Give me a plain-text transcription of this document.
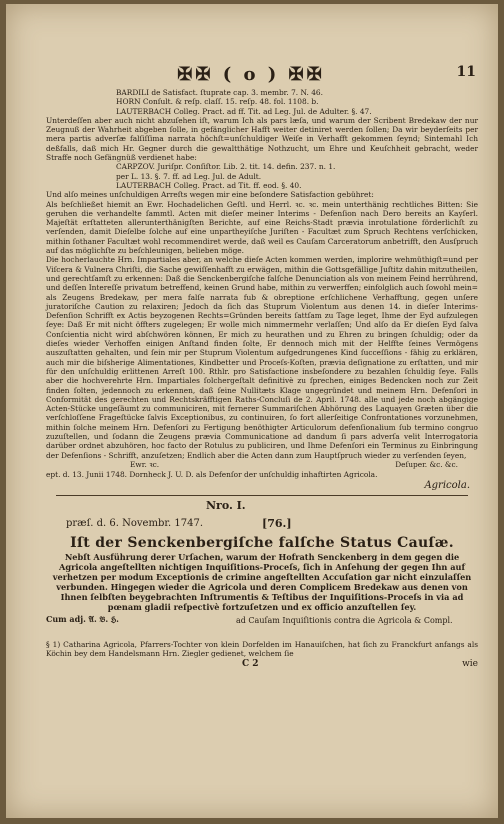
✠✠ ( o ) ✠✠	11

BARDILI de Satisfact. ſtuprate cap. 3. membr. 7. N. 46.

HORN Conſult. & reſp. claſſ. 15. reſp. 48. fol. 1108. b.

LAUTERBACH Colleg. Pract. ad ff. Tit. ad Leg. Jul. de Adulter. §. 47.

Unterdeſſen aber auch nicht abzuſehen iſt, warum Ich als pars læſa, und warum der Scribent Bredekaw der nur Zeugnuß der Wahrheit abgeben ſolle, in gefänglicher Hafft weiter detiniret werden ſollen; Da wir beyderſeits per mera partis adverſæ falſiſſima narrata höchſt=unſchuldiger Weiſe in Verhafft gekommen ſeynd; Sintemahl Ich deßfalls, daß mich Hr. Gegner durch die gewaltthätige Nothzucht, um Ehre und Keuſchheit gebracht, weder Straffe noch Gefängnüß verdienet habe:

CARPZOV. Juriſpr. Conſiſtor. Lib. 2. tit. 14. defin. 237. n. 1.

per L. 13. §. 7. ff. ad Leg. Jul. de Adult.

LAUTERBACH Colleg. Pract. ad Tit. ff. eod. §. 40.

Und alſo meines unſchuldigen Arreſts wegen mir eine beſondere Satisfaction gebühret:

Als beſchließet hiemit an Ewr. Hochadelichen Geſtl. und Herrl. ꝛc. ꝛc. mein unterthänig rechtliches Bitten: Sie geruhen die verhandelte ſammtl. Acten mit dieſer meiner Interims - Defenſion nach Dero bereits an Kayſerl. Majeſtät erſtatteten allerunterthänigſten Berichte, auf eine Reichs-Stadt prævia inrotulatione förderlichſt zu verſenden, damit Dieſelbe ſolche auf eine unpartheyiſche Juriſten - Facultæt zum Spruch Rechtens verſchicken, mithin ſothaner Facultæt wohl recommendiret werde, daß weil es Cauſam Carceratorum anbetrifft, den Ausſpruch auf das möglichſte zu beſchleunigen, belieben möge.

Die hocherlauchte Hrn. Impartiales aber, an welche dieſe Acten kommen werden, implorire wehmüthigſt=und per Viſcera & Vulnera Chriſti, die Sache gewiſſenhafft zu erwägen, mithin die Gottsgefällige Juſtitz dahin mitzutheilen, und gerechtſamſt zu erkennen: Daß die Senckenbergiſche falſche Denunciation als von meinem Feind herrührend, und deſſen Intereſſe privatum betreffend, keinen Grund habe, mithin zu verwerffen; einfolglich auch ſowohl mein= als Zeugens Bredekaw, per mera falſe narrata fub & obreptione erſchlichene Verhafftung, gegen unſere juratoriſche Caution zu relaxiren; Jedoch da ſich das Stuprum Violentum aus denen 14. in dieſer Interims-Defenſion Schrifft ex Actis beyzogenen Rechts=Gründen bereits ſattſam zu Tage leget, Ihme der Eyd aufzulegen ſeye: Daß Er mit nicht öffters zugelegen; Er wolle mich nimmermehr verlaſſen; Und alſo da Er dieſen Eyd ſalva Conſcientia nicht wird abſchwören können, Er mich zu heurathen und zu Ehren zu bringen ſchuldig; oder da dieſes wieder Verhoffen einigen Anſtand finden ſolte, Er dennoch mich mit der Helffte ſeines Vermögens auszuſtatten gehalten, und ſein mir per Stuprum Violentum aufgedrungenes Kind ſucceſſions - fähig zu erklären, auch mir die biſsherige Alimentationes, Kindbetter und Proceſs-Koſten, prævia deſignatione zu erſtatten, und mir für den unſchuldig erlittenen Arreſt 100. Rthlr. pro Satisfactione insbeſondere zu bezahlen ſchuldig ſeye. Falls aber die hochverehrte Hrn. Impartiales ſolchergeſtalt definitivè zu ſprechen, einiges Bedencken noch zur Zeit finden ſolten, jedennoch zu erkennen, daß ſeine Nullitæts Klage ungegründet und meinem Hrn. Defenſori in Conformität des gerechten und Rechtskräfftigen Raths-Concluſi de 2. April. 1748. alle und jede noch abgängige Acten-Stücke ungeſäumt zu communiciren, mit fernerer Summariſchen Abhörung des Laquayen Græten über die verſchloſſene Frageſtücke ſalvis Exceptionibus, zu continuiren, ſo fort allerſeitige Confrontationes vorzunehmen, mithin ſolche meinem Hrn. Defenſori zu Fertigung benöthigter Articulorum defenſionalium ſub termino congruo zuzuſtellen, und ſodann die Zeugens prævia Communicatione ad dandum ſi pars adverſa velit Interrogatoria darüber ordnet abzuhören, hoc facto der Rotulus zu publiciren, und Ihme Defenſori ein Terminus zu Einbringung der Defenſions - Schrifft, anzuſetzen; Endlich aber die Acten dann zum Hauptſpruch wieder zu verſenden ſeyen,

Ewr. ꝛc.	Deſuper. &c. &c.

ept. d. 13. Junii 1748. Dornheck J. U. D. als Defenſor der unſchuldig inhaftirten Agricola.

Agricola.

Nro. I.
præſ. d. 6. Novembr. 1747.	[76.]

Iſt der Senckenbergiſche falſche Status Cauſæ.

Nebſt Ausführung derer Urſachen, warum der Hofrath Senckenberg in dem gegen die Agricola angeſtellten nichtigen Inquiſitions-Proceſs, ſich in Anſehung der gegen Ihn auf verhetzen per modum Exceptionis de crimine angeſtellten Accuſation gar nicht einzulaſſen verbunden. Hingegen wieder die Agricola und deren Complicem Bredekaw aus denen von Ihnen ſelbſten beygebrachten Inſtrumentis & Teſtibus der Inquiſitions-Proceſs in via ad pœnam gladii reſpectivè fortzuſetzen und ex officio anzuſtellen ſey.

Cum adj. 𝔄. 𝔅. ℌ.	ad Cauſam Inquiſitionis contra die Agricola & Compl.

§ 1) Catharina Agricola, Pfarrers-Tochter von klein Dorfelden im Hanauiſchen, hat ſich zu Franckfurt anfangs als Köchin bey dem Handelsmann Hrn. Ziegler gedienet, welchem ſie

C 2	wie
